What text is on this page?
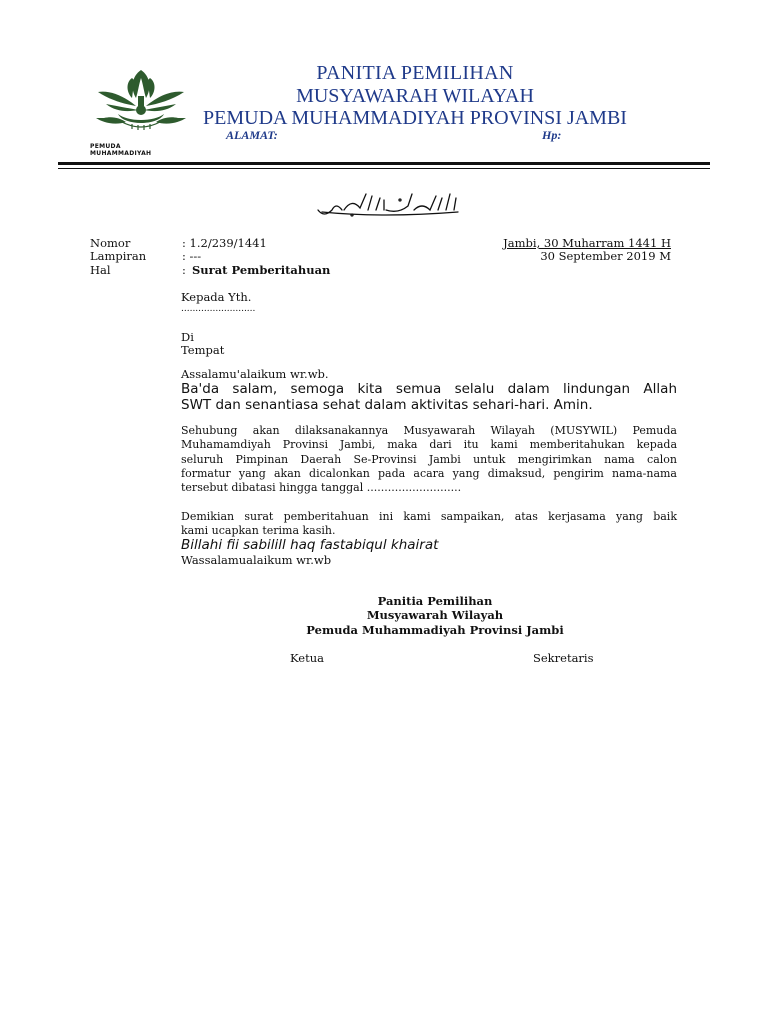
PEMUDA
MUHAMMADIYAH
PANITIA PEMILIHAN
MUSYAWARAH WILAYAH
PEMUDA MUHAMMADIYAH PROVINSI JAMBI
ALAMAT:	Hp:
Nomor	: 1.2/239/1441
Lampiran	: ---
Hal	: Surat Pemberitahuan
Jambi, 30 Muharram 1441 H
30 September 2019 M
Kepada Yth.
..........................
Di
Tempat
Assalamu'alaikum wr.wb.
Ba'da salam, semoga kita semua selalu dalam lindungan Allah
SWT dan senantiasa sehat dalam aktivitas sehari-hari. Amin.
Sehubung akan dilaksanakannya Musyawarah Wilayah (MUSYWIL) Pemuda
Muhamamdiyah Provinsi Jambi, maka dari itu kami memberitahukan kepada
seluruh Pimpinan Daerah Se-Provinsi Jambi untuk mengirimkan nama calon
formatur yang akan dicalonkan pada acara yang dimaksud, pengirim nama-nama
tersebut dibatasi hingga tanggal ...........................
Demikian surat pemberitahuan ini kami sampaikan, atas kerjasama yang baik
kami ucapkan terima kasih.
Billahi fii sabilill haq fastabiqul khairat
Wassalamualaikum wr.wb
Panitia Pemilihan
Musyawarah Wilayah
Pemuda Muhammadiyah Provinsi Jambi
Ketua	Sekretaris
